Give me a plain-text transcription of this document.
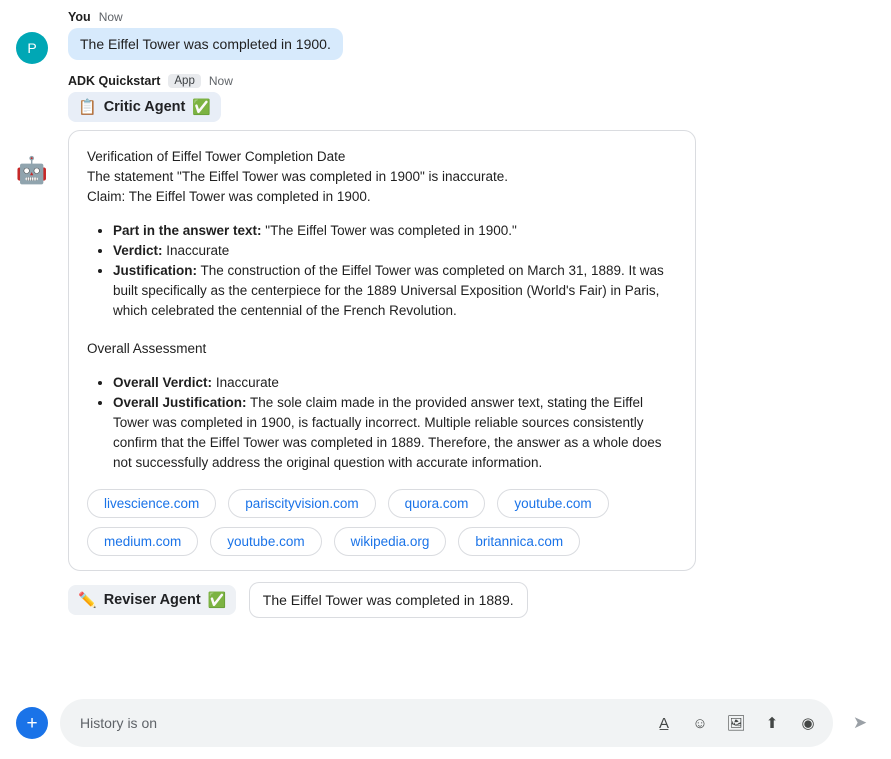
P
You Now
The Eiffel Tower was completed in 1900.
🤖
ADK Quickstart	App	Now
📋 Critic Agent ✅

Verification of Eiffel Tower Completion Date

The statement "The Eiffel Tower was completed in 1900" is inaccurate.

Claim: The Eiffel Tower was completed in 1900.

• Part in the answer text: "The Eiffel Tower was completed in 1900."
• Verdict: Inaccurate
• Justification: The construction of the Eiffel Tower was completed on March 31, 1889. It was built specifically as the centerpiece for the 1889 Universal Exposition (World's Fair) in Paris, which celebrated the centennial of the French Revolution.

Overall Assessment

• Overall Verdict: Inaccurate
• Overall Justification: The sole claim made in the provided answer text, stating the Eiffel Tower was completed in 1900, is factually incorrect. Multiple reliable sources consistently confirm that the Eiffel Tower was completed in 1889. Therefore, the answer as a whole does not successfully address the original question with accurate information.
livescience.com	pariscityvision.com	quora.com	youtube.com
medium.com	youtube.com	wikipedia.org	britannica.com
✏️ Reviser Agent ✅	The Eiffel Tower was completed in 1889.
+	History is on	A̲	☺ 🖼	⬆	◉	➤
